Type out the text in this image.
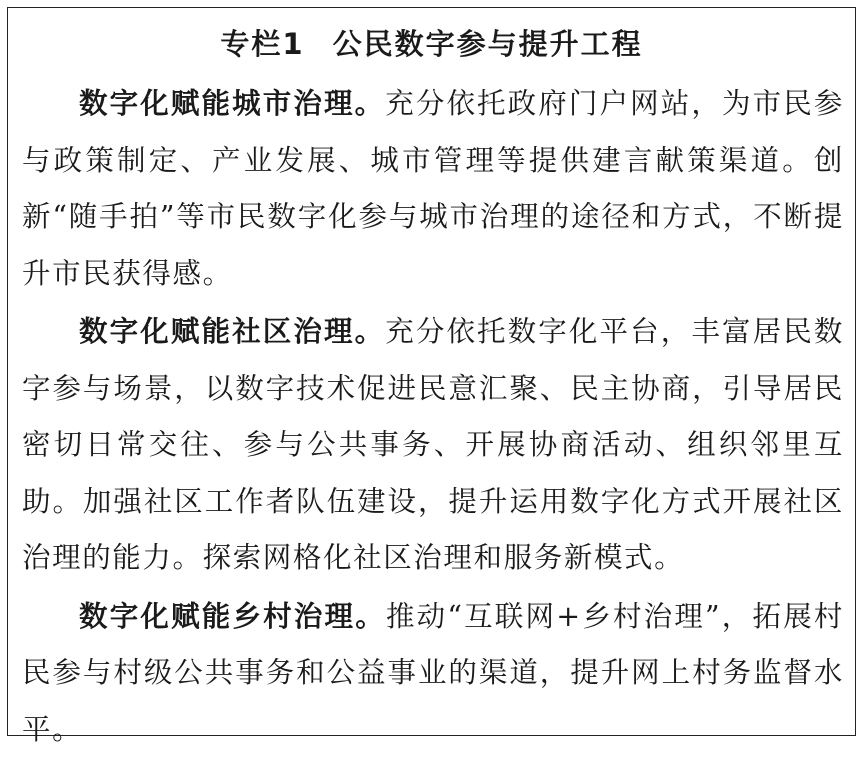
专栏1 公民数字参与提升工程

数字化赋能城市治理。充分依托政府门户网站，为市民参与政策制定、产业发展、城市管理等提供建言献策渠道。创新“随手拍”等市民数字化参与城市治理的途径和方式，不断提升市民获得感。

数字化赋能社区治理。充分依托数字化平台，丰富居民数字参与场景，以数字技术促进民意汇聚、民主协商，引导居民密切日常交往、参与公共事务、开展协商活动、组织邻里互助。加强社区工作者队伍建设，提升运用数字化方式开展社区治理的能力。探索网格化社区治理和服务新模式。

数字化赋能乡村治理。推动“互联网+乡村治理”，拓展村民参与村级公共事务和公益事业的渠道，提升网上村务监督水平。
